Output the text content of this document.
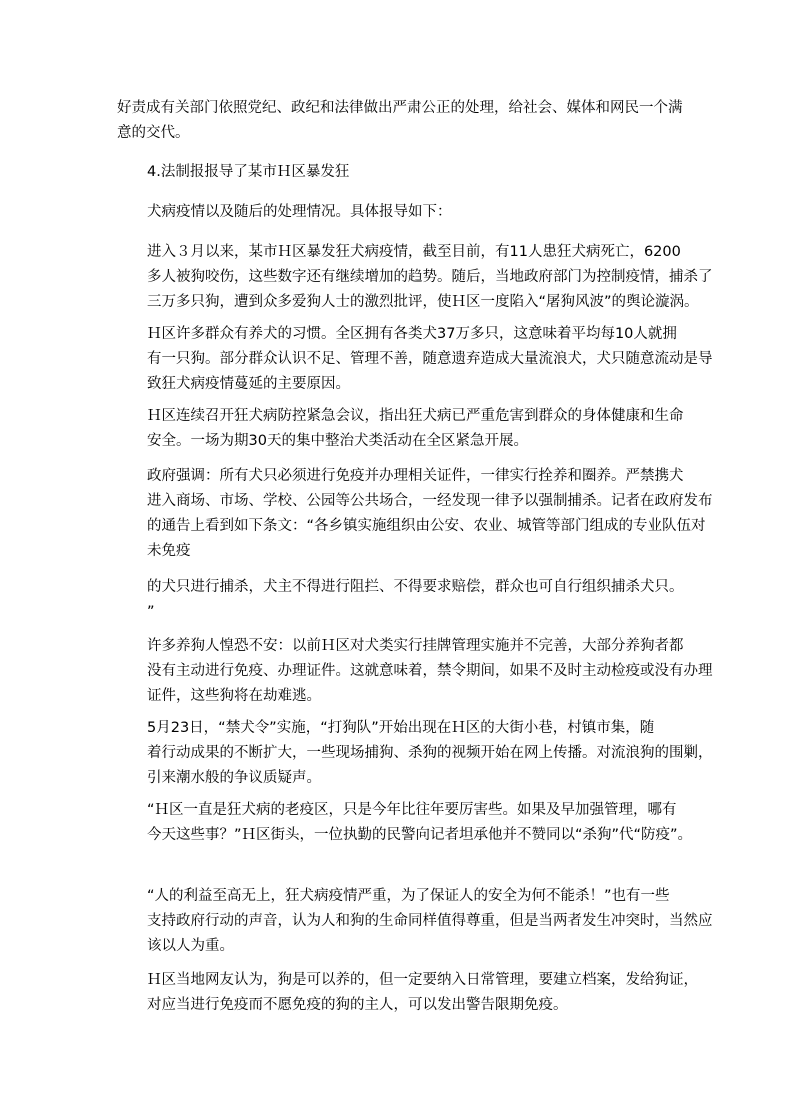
好责成有关部门依照党纪、政纪和法律做出严肃公正的处理，给社会、媒体和网民一个满
意的交代。

4.法制报报导了某市Ｈ区暴发狂

犬病疫情以及随后的处理情况。具体报导如下：

进入３月以来，某市Ｈ区暴发狂犬病疫情，截至目前，有11人患狂犬病死亡，6200
多人被狗咬伤，这些数字还有继续增加的趋势。随后，当地政府部门为控制疫情，捕杀了
三万多只狗，遭到众多爱狗人士的激烈批评，使Ｈ区一度陷入“屠狗风波”的舆论漩涡。

Ｈ区许多群众有养犬的习惯。全区拥有各类犬37万多只，这意味着平均每10人就拥
有一只狗。部分群众认识不足、管理不善，随意遗弃造成大量流浪犬，犬只随意流动是导
致狂犬病疫情蔓延的主要原因。

Ｈ区连续召开狂犬病防控紧急会议，指出狂犬病已严重危害到群众的身体健康和生命
安全。一场为期30天的集中整治犬类活动在全区紧急开展。

政府强调：所有犬只必须进行免疫并办理相关证件，一律实行拴养和圈养。严禁携犬
进入商场、市场、学校、公园等公共场合，一经发现一律予以强制捕杀。记者在政府发布
的通告上看到如下条文：“各乡镇实施组织由公安、农业、城管等部门组成的专业队伍对
未免疫

的犬只进行捕杀，犬主不得进行阻拦、不得要求赔偿，群众也可自行组织捕杀犬只。
”

许多养狗人惶恐不安：以前Ｈ区对犬类实行挂牌管理实施并不完善，大部分养狗者都
没有主动进行免疫、办理证件。这就意味着，禁令期间，如果不及时主动检疫或没有办理
证件，这些狗将在劫难逃。

5月23日，“禁犬令”实施，“打狗队”开始出现在Ｈ区的大街小巷，村镇市集，随
着行动成果的不断扩大，一些现场捕狗、杀狗的视频开始在网上传播。对流浪狗的围剿，
引来潮水般的争议质疑声。

“Ｈ区一直是狂犬病的老疫区，只是今年比往年要厉害些。如果及早加强管理，哪有
今天这些事？”Ｈ区街头，一位执勤的民警向记者坦承他并不赞同以“杀狗”代“防疫”。

“人的利益至高无上，狂犬病疫情严重，为了保证人的安全为何不能杀！”也有一些
支持政府行动的声音，认为人和狗的生命同样值得尊重，但是当两者发生冲突时，当然应
该以人为重。

Ｈ区当地网友认为，狗是可以养的，但一定要纳入日常管理，要建立档案，发给狗证，
对应当进行免疫而不愿免疫的狗的主人，可以发出警告限期免疫。
